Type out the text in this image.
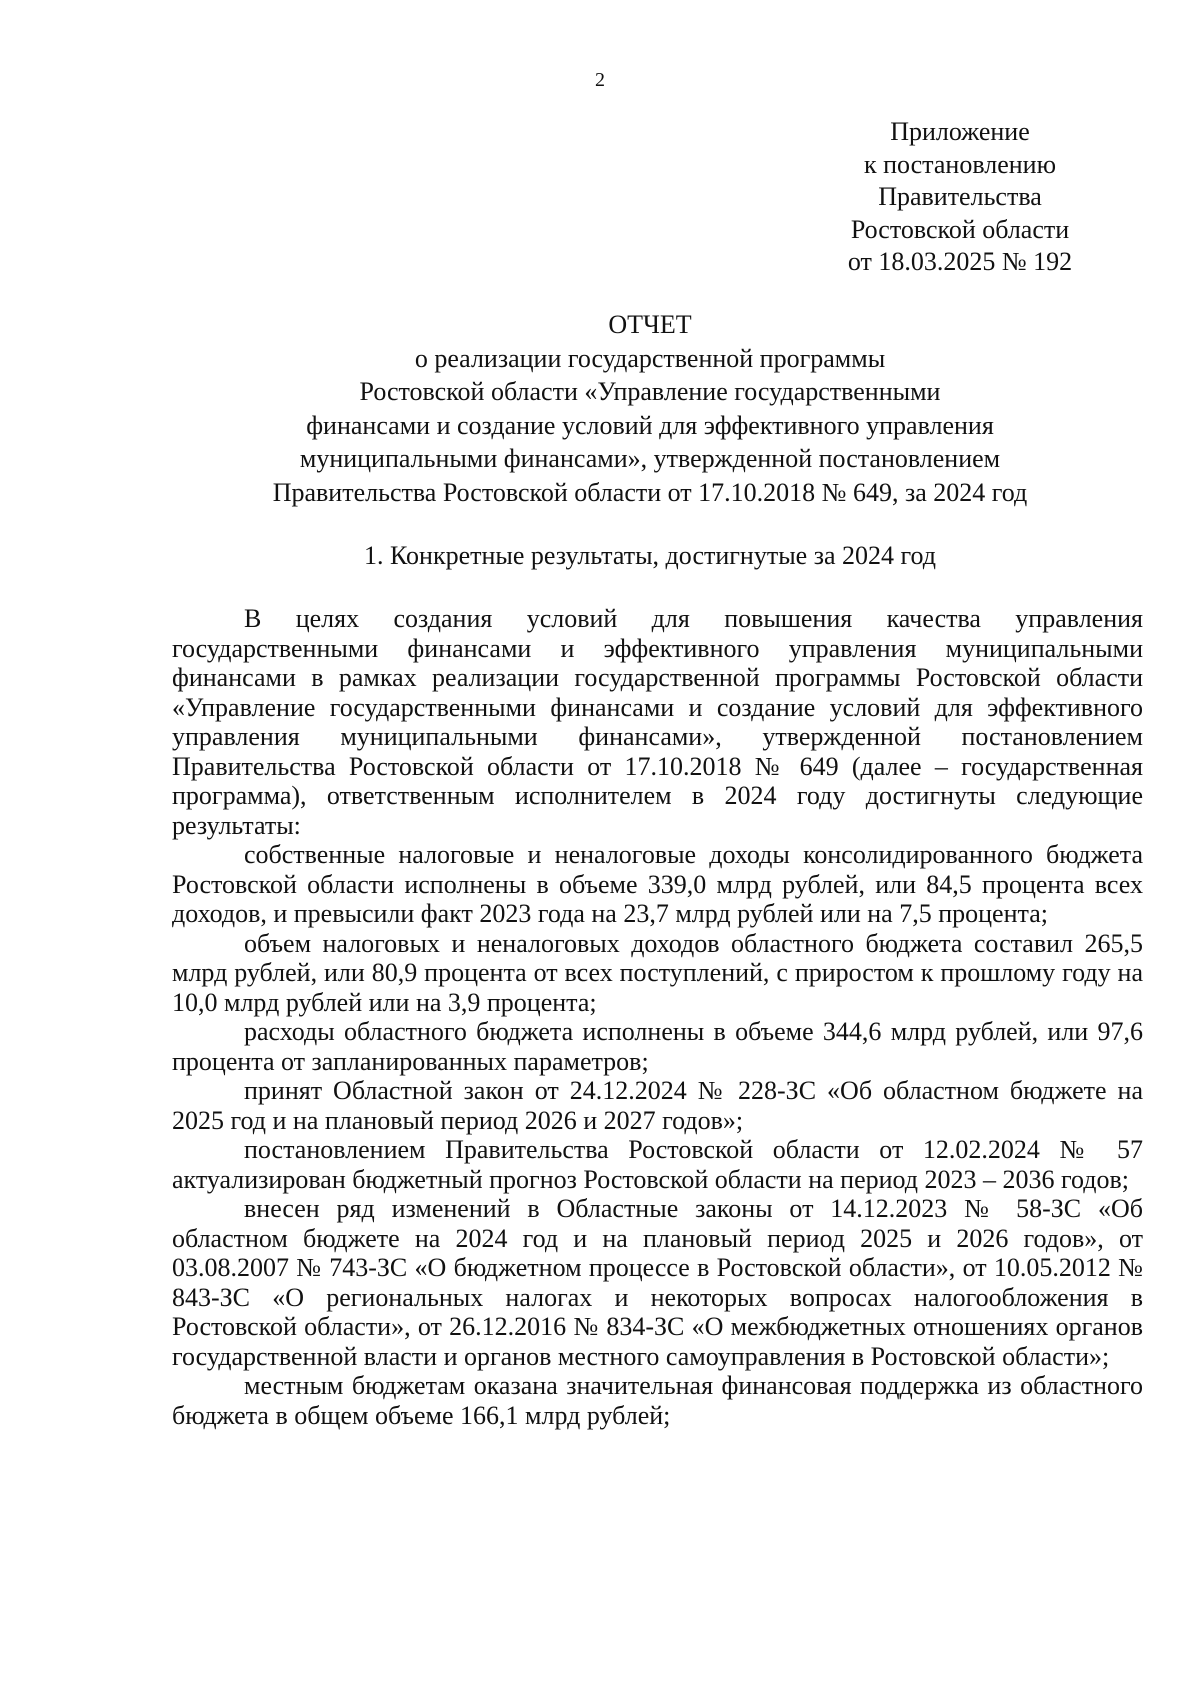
2
Приложение
к постановлению
Правительства
Ростовской области
от 18.03.2025 № 192
ОТЧЕТ
о реализации государственной программы
Ростовской области «Управление государственными
финансами и создание условий для эффективного управления
муниципальными финансами», утвержденной постановлением
Правительства Ростовской области от 17.10.2018 № 649, за 2024 год
1. Конкретные результаты, достигнутые за 2024 год

В целях создания условий для повышения качества управления государственными финансами и эффективного управления муниципальными финансами в рамках реализации государственной программы Ростовской области «Управление государственными финансами и создание условий для эффективного управления муниципальными финансами», утвержденной постановлением Правительства Ростовской области от 17.10.2018 № 649 (далее – государственная программа), ответственным исполнителем в 2024 году достигнуты следующие результаты:

собственные налоговые и неналоговые доходы консолидированного бюджета Ростовской области исполнены в объеме 339,0 млрд рублей, или 84,5 процента всех доходов, и превысили факт 2023 года на 23,7 млрд рублей или на 7,5 процента;

объем налоговых и неналоговых доходов областного бюджета составил 265,5 млрд рублей, или 80,9 процента от всех поступлений, с приростом к прошлому году на 10,0 млрд рублей или на 3,9 процента;

расходы областного бюджета исполнены в объеме 344,6 млрд рублей, или 97,6 процента от запланированных параметров;

принят Областной закон от 24.12.2024 № 228-ЗС «Об областном бюджете на 2025 год и на плановый период 2026 и 2027 годов»;

постановлением Правительства Ростовской области от 12.02.2024 № 57 актуализирован бюджетный прогноз Ростовской области на период 2023 – 2036 годов;

внесен ряд изменений в Областные законы от 14.12.2023 № 58-ЗС «Об областном бюджете на 2024 год и на плановый период 2025 и 2026 годов», от 03.08.2007 № 743-ЗС «О бюджетном процессе в Ростовской области», от 10.05.2012 № 843-ЗС «О региональных налогах и некоторых вопросах налогообложения в Ростовской области», от 26.12.2016 № 834-ЗС «О межбюджетных отношениях органов государственной власти и органов местного самоуправления в Ростовской области»;

местным бюджетам оказана значительная финансовая поддержка из областного бюджета в общем объеме 166,1 млрд рублей;
